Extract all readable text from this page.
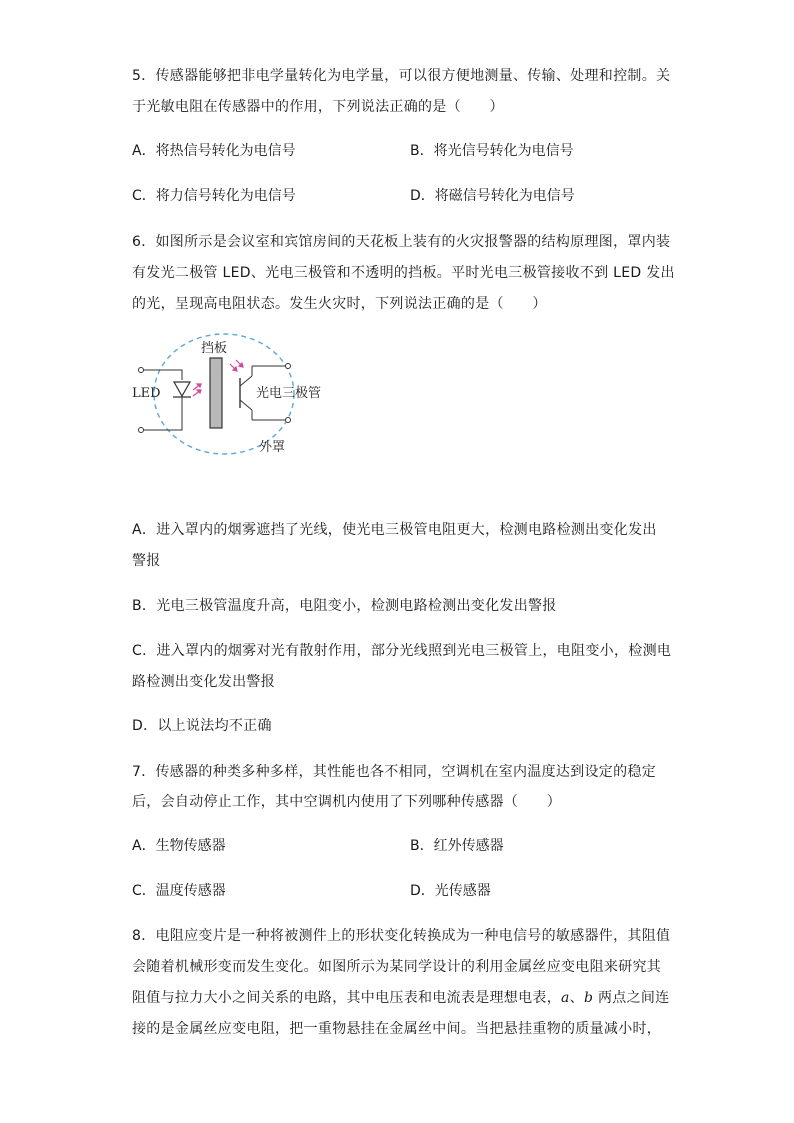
5．传感器能够把非电学量转化为电学量，可以很方便地测量、传输、处理和控制。关
于光敏电阻在传感器中的作用，下列说法正确的是（　　）
A．将热信号转化为电信号	B．将光信号转化为电信号
C．将力信号转化为电信号	D．将磁信号转化为电信号
6．如图所示是会议室和宾馆房间的天花板上装有的火灾报警器的结构原理图，罩内装
有发光二极管 LED、光电三极管和不透明的挡板。平时光电三极管接收不到 LED 发出
的光，呈现高电阻状态。发生火灾时，下列说法正确的是（　　）
挡板
LED	光电三极管
外罩
A．进入罩内的烟雾遮挡了光线，使光电三极管电阻更大，检测电路检测出变化发出
警报
B．光电三极管温度升高，电阻变小，检测电路检测出变化发出警报
C．进入罩内的烟雾对光有散射作用，部分光线照到光电三极管上，电阻变小，检测电
路检测出变化发出警报
D．以上说法均不正确
7．传感器的种类多种多样，其性能也各不相同，空调机在室内温度达到设定的稳定
后，会自动停止工作，其中空调机内使用了下列哪种传感器（　　）
A．生物传感器	B．红外传感器
C．温度传感器	D．光传感器
8．电阻应变片是一种将被测件上的形状变化转换成为一种电信号的敏感器件，其阻值
会随着机械形变而发生变化。如图所示为某同学设计的利用金属丝应变电阻来研究其
阻值与拉力大小之间关系的电路，其中电压表和电流表是理想电表，a、b 两点之间连
接的是金属丝应变电阻，把一重物悬挂在金属丝中间。当把悬挂重物的质量减小时，
